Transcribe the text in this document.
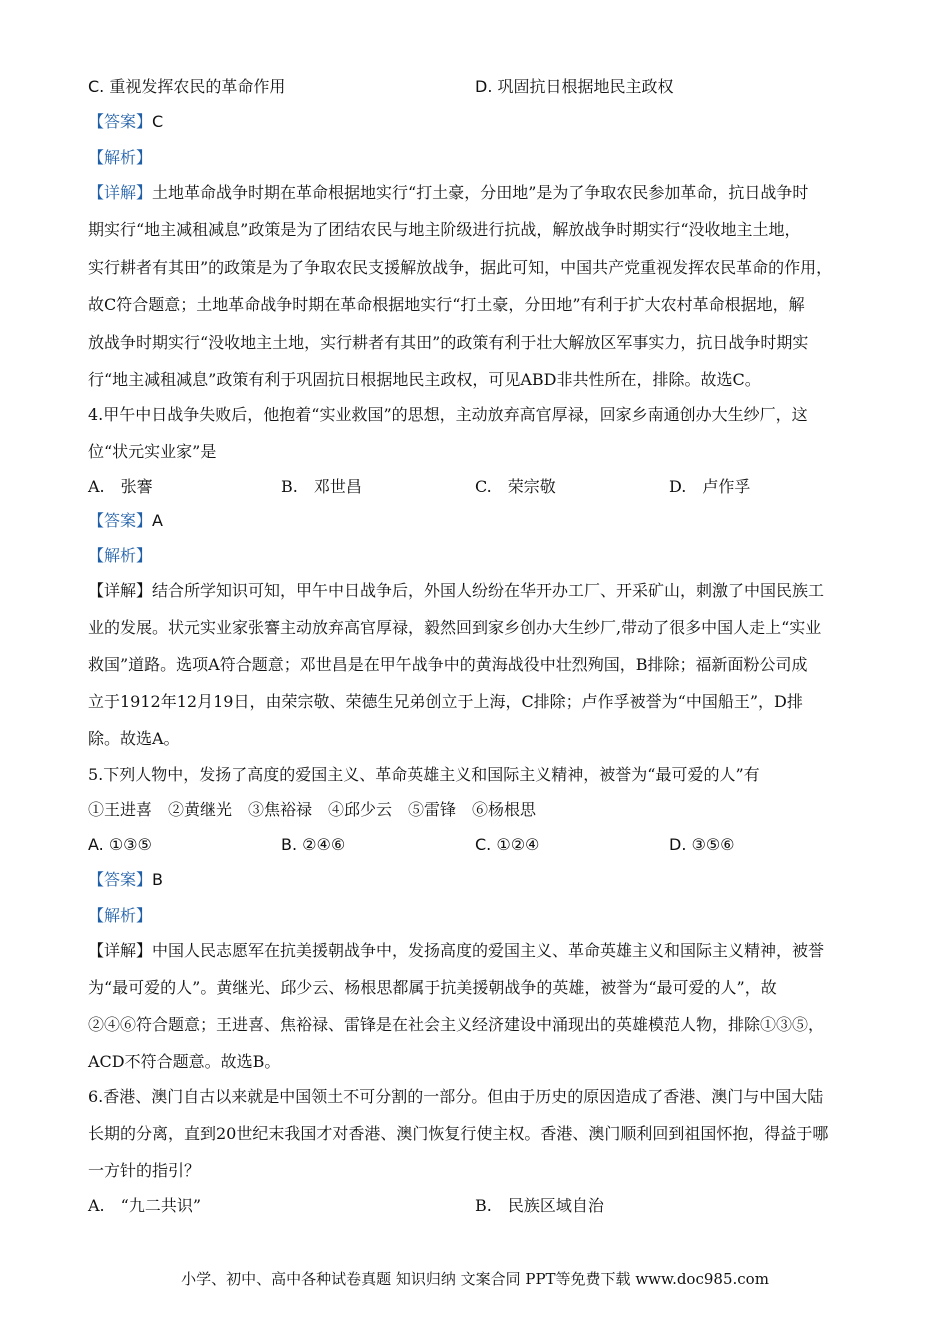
C. 重视发挥农民的革命作用	D. 巩固抗日根据地民主政权
【答案】C
【解析】
【详解】土地革命战争时期在革命根据地实行“打土豪，分田地”是为了争取农民参加革命，抗日战争时
期实行“地主减租减息”政策是为了团结农民与地主阶级进行抗战，解放战争时期实行“没收地主土地，
实行耕者有其田”的政策是为了争取农民支援解放战争，据此可知，中国共产党重视发挥农民革命的作用，
故C符合题意；土地革命战争时期在革命根据地实行“打土豪，分田地”有利于扩大农村革命根据地，解
放战争时期实行“没收地主土地，实行耕者有其田”的政策有利于壮大解放区军事实力，抗日战争时期实
行“地主减租减息”政策有利于巩固抗日根据地民主政权，可见ABD非共性所在，排除。故选C。
4.甲午中日战争失败后，他抱着“实业救国”的思想，主动放弃高官厚禄，回家乡南通创办大生纱厂，这
位“状元实业家”是
A.　张謇	B.　邓世昌	C.　荣宗敬	D.　卢作孚
【答案】A
【解析】
【详解】结合所学知识可知，甲午中日战争后，外国人纷纷在华开办工厂、开采矿山，刺激了中国民族工
业的发展。状元实业家张謇主动放弃高官厚禄，毅然回到家乡创办大生纱厂,带动了很多中国人走上“实业
救国”道路。选项A符合题意；邓世昌是在甲午战争中的黄海战役中壮烈殉国，B排除；福新面粉公司成
立于1912年12月19日，由荣宗敬、荣德生兄弟创立于上海，C排除；卢作孚被誉为“中国船王”，D排
除。故选A。
5.下列人物中，发扬了高度的爱国主义、革命英雄主义和国际主义精神，被誉为“最可爱的人”有
①王进喜　②黄继光　③焦裕禄　④邱少云　⑤雷锋　⑥杨根思
A. ①③⑤	B. ②④⑥	C. ①②④	D. ③⑤⑥
【答案】B
【解析】
【详解】中国人民志愿军在抗美援朝战争中，发扬高度的爱国主义、革命英雄主义和国际主义精神，被誉
为“最可爱的人”。黄继光、邱少云、杨根思都属于抗美援朝战争的英雄，被誉为“最可爱的人”，故
②④⑥符合题意；王进喜、焦裕禄、雷锋是在社会主义经济建设中涌现出的英雄模范人物，排除①③⑤，
ACD不符合题意。故选B。
6.香港、澳门自古以来就是中国领土不可分割的一部分。但由于历史的原因造成了香港、澳门与中国大陆
长期的分离，直到20世纪末我国才对香港、澳门恢复行使主权。香港、澳门顺利回到祖国怀抱，得益于哪
一方针的指引？
A.　“九二共识”	B.　民族区域自治
小学、初中、高中各种试卷真题 知识归纳 文案合同 PPT等免费下载 www.doc985.com
